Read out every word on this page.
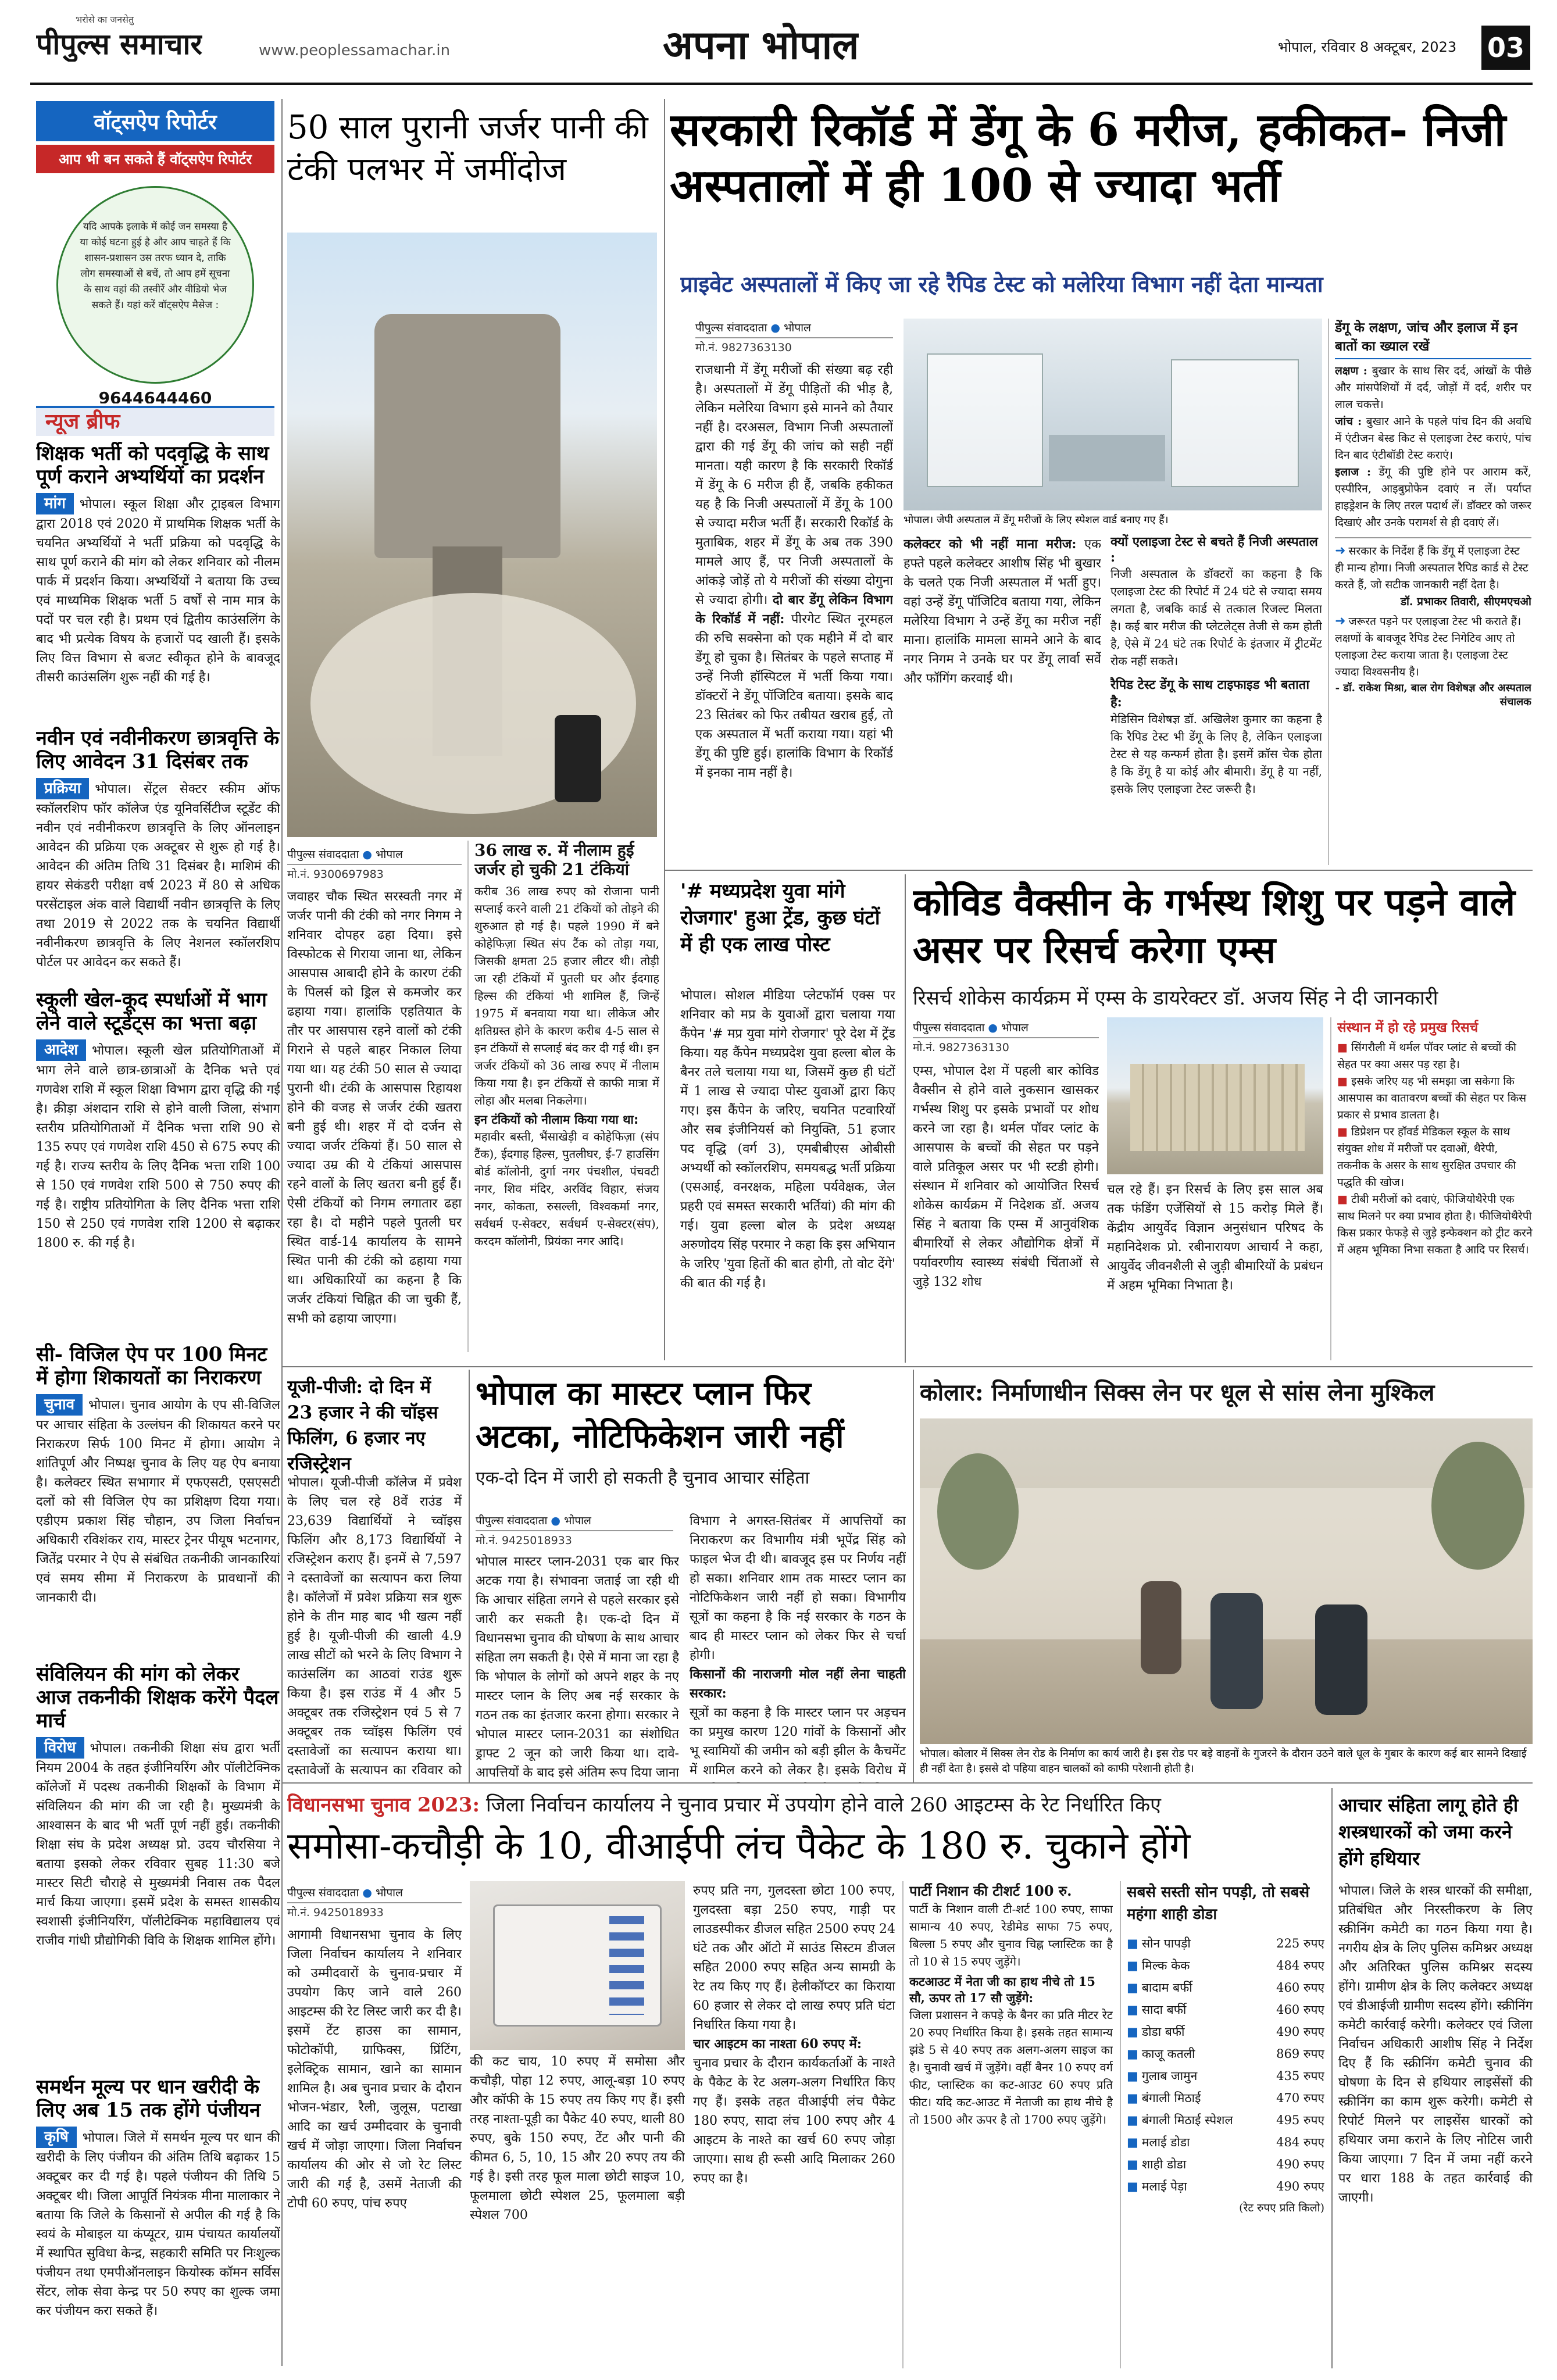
भरोसे का जनसेतु
पीपुल्स समाचार	www.peoplessamachar.in	अपना भोपाल	भोपाल, रविवार 8 अक्टूबर, 2023 03
वॉट्सऐप रिपोर्टर
आप भी बन सकते हैं वॉट्सऐप रिपोर्टर
यदि आपके इलाके में कोई जन समस्या है या कोई घटना हुई है और आप चाहते हैं कि शासन-प्रशासन उस तरफ ध्यान दे, ताकि लोग समस्याओं से बचें, तो आप हमें सूचना के साथ वहां की तस्वीरें और वीडियो भेज सकते हैं। यहां करें वॉट्सऐप मैसेज :
9644644460
न्यूज ब्रीफ
शिक्षक भर्ती को पदवृद्धि के साथ पूर्ण कराने अभ्यर्थियों का प्रदर्शन
मांग भोपाल। स्कूल शिक्षा और ट्राइबल विभाग द्वारा 2018 एवं 2020 में प्राथमिक शिक्षक भर्ती के चयनित अभ्यर्थियों ने भर्ती प्रक्रिया को पदवृद्धि के साथ पूर्ण कराने की मांग को लेकर शनिवार को नीलम पार्क में प्रदर्शन किया। अभ्यर्थियों ने बताया कि उच्च एवं माध्यमिक शिक्षक भर्ती 5 वर्षों से नाम मात्र के पदों पर चल रही है। प्रथम एवं द्वितीय काउंसलिंग के बाद भी प्रत्येक विषय के हजारों पद खाली हैं। इसके लिए वित्त विभाग से बजट स्वीकृत होने के बावजूद तीसरी काउंसलिंग शुरू नहीं की गई है।
नवीन एवं नवीनीकरण छात्रवृत्ति के लिए आवेदन 31 दिसंबर तक
प्रक्रिया भोपाल। सेंट्रल सेक्टर स्कीम ऑफ स्कॉलरशिप फॉर कॉलेज एंड यूनिवर्सिटीज स्टूडेंट की नवीन एवं नवीनीकरण छात्रवृत्ति के लिए ऑनलाइन आवेदन की प्रक्रिया एक अक्टूबर से शुरू हो गई है। आवेदन की अंतिम तिथि 31 दिसंबर है। माशिमं की हायर सेकंडरी परीक्षा वर्ष 2023 में 80 से अधिक परसेंटाइल अंक वाले विद्यार्थी नवीन छात्रवृत्ति के लिए तथा 2019 से 2022 तक के चयनित विद्यार्थी नवीनीकरण छात्रवृत्ति के लिए नेशनल स्कॉलरशिप पोर्टल पर आवेदन कर सकते हैं।
स्कूली खेल-कूद स्पर्धाओं में भाग लेने वाले स्टूडेंट्स का भत्ता बढ़ा
आदेश भोपाल। स्कूली खेल प्रतियोगिताओं में भाग लेने वाले छात्र-छात्राओं के दैनिक भत्ते एवं गणवेश राशि में स्कूल शिक्षा विभाग द्वारा वृद्धि की गई है। क्रीड़ा अंशदान राशि से होने वाली जिला, संभाग स्तरीय प्रतियोगिताओं में दैनिक भत्ता राशि 90 से 135 रुपए एवं गणवेश राशि 450 से 675 रुपए की गई है। राज्य स्तरीय के लिए दैनिक भत्ता राशि 100 से 150 एवं गणवेश राशि 500 से 750 रुपए की गई है। राष्ट्रीय प्रतियोगिता के लिए दैनिक भत्ता राशि 150 से 250 एवं गणवेश राशि 1200 से बढ़ाकर 1800 रु. की गई है।
सी- विजिल ऐप पर 100 मिनट में होगा शिकायतों का निराकरण
चुनाव भोपाल। चुनाव आयोग के एप सी-विजिल पर आचार संहिता के उल्लंघन की शिकायत करने पर निराकरण सिर्फ 100 मिनट में होगा। आयोग ने शांतिपूर्ण और निष्पक्ष चुनाव के लिए यह ऐप बनाया है। कलेक्टर स्थित सभागार में एफएसटी, एसएसटी दलों को सी विजिल ऐप का प्रशिक्षण दिया गया। एडीएम प्रकाश सिंह चौहान, उप जिला निर्वाचन अधिकारी रविशंकर राय, मास्टर ट्रेनर पीयूष भटनागर, जितेंद्र परमार ने ऐप से संबंधित तकनीकी जानकारियां एवं समय सीमा में निराकरण के प्रावधानों की जानकारी दी।
संविलियन की मांग को लेकर आज तकनीकी शिक्षक करेंगे पैदल मार्च
विरोध भोपाल। तकनीकी शिक्षा संघ द्वारा भर्ती नियम 2004 के तहत इंजीनियरिंग और पॉलीटेक्निक कॉलेजों में पदस्थ तकनीकी शिक्षकों के विभाग में संविलियन की मांग की जा रही है। मुख्यमंत्री के आश्वासन के बाद भी भर्ती पूर्ण नहीं हुई। तकनीकी शिक्षा संघ के प्रदेश अध्यक्ष प्रो. उदय चौरसिया ने बताया इसको लेकर रविवार सुबह 11:30 बजे मास्टर सिटी चौराहे से मुख्यमंत्री निवास तक पैदल मार्च किया जाएगा। इसमें प्रदेश के समस्त शासकीय स्वशासी इंजीनियरिंग, पॉलीटेक्निक महाविद्यालय एवं राजीव गांधी प्रौद्योगिकी विवि के शिक्षक शामिल होंगे।
समर्थन मूल्य पर धान खरीदी के लिए अब 15 तक होंगे पंजीयन
कृषि भोपाल। जिले में समर्थन मूल्य पर धान की खरीदी के लिए पंजीयन की अंतिम तिथि बढ़ाकर 15 अक्टूबर कर दी गई है। पहले पंजीयन की तिथि 5 अक्टूबर थी। जिला आपूर्ति नियंत्रक मीना मालाकार ने बताया कि जिले के किसानों से अपील की गई है कि स्वयं के मोबाइल या कंप्यूटर, ग्राम पंचायत कार्यालयों में स्थापित सुविधा केन्द्र, सहकारी समिति पर निःशुल्क पंजीयन तथा एमपीऑनलाइन कियोस्क कॉमन सर्विस सेंटर, लोक सेवा केन्द्र पर 50 रुपए का शुल्क जमा कर पंजीयन करा सकते हैं।
50 साल पुरानी जर्जर पानी की टंकी पलभर में जमींदोज
पीपुल्स संवाददाता ● भोपाल
मो.नं. 9300697983
जवाहर चौक स्थित सरस्वती नगर में जर्जर पानी की टंकी को नगर निगम ने शनिवार दोपहर ढहा दिया। इसे विस्फोटक से गिराया जाना था, लेकिन आसपास आबादी होने के कारण टंकी के पिलर्स को ड्रिल से कमजोर कर ढहाया गया। हालांकि एहतियात के तौर पर आसपास रहने वालों को टंकी गिराने से पहले बाहर निकाल लिया गया था। यह टंकी 50 साल से ज्यादा पुरानी थी। टंकी के आसपास रिहायश होने की वजह से जर्जर टंकी खतरा बनी हुई थी। शहर में दो दर्जन से ज्यादा जर्जर टंकियां हैं। 50 साल से ज्यादा उम्र की ये टंकियां आसपास रहने वालों के लिए खतरा बनी हुई हैं। ऐसी टंकियों को निगम लगातार ढहा रहा है। दो महीने पहले पुतली घर स्थित वार्ड-14 कार्यालय के सामने स्थित पानी की टंकी को ढहाया गया था। अधिकारियों का कहना है कि जर्जर टंकियां चिह्नित की जा चुकी हैं, सभी को ढहाया जाएगा।
36 लाख रु. में नीलाम हुई जर्जर हो चुकी 21 टंकियां
करीब 36 लाख रुपए को रोजाना पानी सप्लाई करने वाली 21 टंकियों को तोड़ने की शुरुआत हो गई है। पहले 1990 में बने कोहेफिज़ा स्थित संप टैंक को तोड़ा गया, जिसकी क्षमता 25 हजार लीटर थी। तोड़ी जा रही टंकियों में पुतली घर और ईदगाह हिल्स की टंकियां भी शामिल हैं, जिन्हें 1975 में बनवाया गया था। लीकेज और क्षतिग्रस्त होने के कारण करीब 4-5 साल से इन टंकियों से सप्लाई बंद कर दी गई थी। इन जर्जर टंकियों को 36 लाख रुपए में नीलाम किया गया है। इन टंकियों से काफी मात्रा में लोहा और मलबा निकलेगा।
इन टंकियों को नीलाम किया गया था:
महावीर बस्ती, भैंसाखेड़ी व कोहेफिज़ा (संप टैंक), ईदगाह हिल्स, पुतलीघर, ई-7 हाउसिंग बोर्ड कॉलोनी, दुर्गा नगर पंचशील, पंचवटी नगर, शिव मंदिर, अरविंद विहार, संजय नगर, कोकता, रुसल्ली, विश्वकर्मा नगर, सर्वधर्म ए-सेक्टर, सर्वधर्म ए-सेक्टर(संप), करदम कॉलोनी, प्रियंका नगर आदि।
सरकारी रिकॉर्ड में डेंगू के 6 मरीज, हकीकत- निजी अस्पतालों में ही 100 से ज्यादा भर्ती
प्राइवेट अस्पतालों में किए जा रहे रैपिड टेस्ट को मलेरिया विभाग नहीं देता मान्यता
पीपुल्स संवाददाता ● भोपाल
मो.नं. 9827363130
राजधानी में डेंगू मरीजों की संख्या बढ़ रही है। अस्पतालों में डेंगू पीड़ितों की भीड़ है, लेकिन मलेरिया विभाग इसे मानने को तैयार नहीं है। दरअसल, विभाग निजी अस्पतालों द्वारा की गई डेंगू की जांच को सही नहीं मानता। यही कारण है कि सरकारी रिकॉर्ड में डेंगू के 6 मरीज ही हैं, जबकि हकीकत यह है कि निजी अस्पतालों में डेंगू के 100 से ज्यादा मरीज भर्ती हैं। सरकारी रिकॉर्ड के मुताबिक, शहर में डेंगू के अब तक 390 मामले आए हैं, पर निजी अस्पतालों के आंकड़े जोड़ें तो ये मरीजों की संख्या दोगुना से ज्यादा होगी। दो बार डेंगू लेकिन विभाग के रिकॉर्ड में नहीं: पीरगेट स्थित नूरमहल की रुचि सक्सेना को एक महीने में दो बार डेंगू हो चुका है। सितंबर के पहले सप्ताह में उन्हें निजी हॉस्पिटल में भर्ती किया गया। डॉक्टरों ने डेंगू पॉजिटिव बताया। इसके बाद 23 सितंबर को फिर तबीयत खराब हुई, तो एक अस्पताल में भर्ती कराया गया। यहां भी डेंगू की पुष्टि हुई। हालांकि विभाग के रिकॉर्ड में इनका नाम नहीं है।
भोपाल। जेपी अस्पताल में डेंगू मरीजों के लिए स्पेशल वार्ड बनाए गए हैं।
कलेक्टर को भी नहीं माना मरीज: एक हफ्ते पहले कलेक्टर आशीष सिंह भी बुखार के चलते एक निजी अस्पताल में भर्ती हुए। वहां उन्हें डेंगू पॉजिटिव बताया गया, लेकिन मलेरिया विभाग ने उन्हें डेंगू का मरीज नहीं माना। हालांकि मामला सामने आने के बाद नगर निगम ने उनके घर पर डेंगू लार्वा सर्वे और फॉगिंग करवाई थी।
क्यों एलाइजा टेस्ट से बचते हैं निजी अस्पताल :
निजी अस्पताल के डॉक्टरों का कहना है कि एलाइजा टेस्ट की रिपोर्ट में 24 घंटे से ज्यादा समय लगता है, जबकि कार्ड से तत्काल रिजल्ट मिलता है। कई बार मरीज की प्लेटलेट्स तेजी से कम होती है, ऐसे में 24 घंटे तक रिपोर्ट के इंतजार में ट्रीटमेंट रोक नहीं सकते।
रैपिड टेस्ट डेंगू के साथ टाइफाइड भी बताता है:
मेडिसिन विशेषज्ञ डॉ. अखिलेश कुमार का कहना है कि रैपिड टेस्ट भी डेंगू के लिए है, लेकिन एलाइजा टेस्ट से यह कन्फर्म होता है। इसमें क्रॉस चेक होता है कि डेंगू है या कोई और बीमारी। डेंगू है या नहीं, इसके लिए एलाइजा टेस्ट जरूरी है।
डेंगू के लक्षण, जांच और इलाज में इन बातों का ख्याल रखें
लक्षण : बुखार के साथ सिर दर्द, आंखों के पीछे और मांसपेशियों में दर्द, जोड़ों में दर्द, शरीर पर लाल चकत्ते।
जांच : बुखार आने के पहले पांच दिन की अवधि में एंटीजन बेस्ड किट से एलाइजा टेस्ट कराएं, पांच दिन बाद एंटीबॉडी टेस्ट कराएं।
इलाज : डेंगू की पुष्टि होने पर आराम करें, एस्पीरिन, आइबुप्रोफेन दवाएं न लें। पर्याप्त हाइड्रेशन के लिए तरल पदार्थ लें। डॉक्टर को जरूर दिखाएं और उनके परामर्श से ही दवाएं लें।
➜ सरकार के निर्देश हैं कि डेंगू में एलाइजा टेस्ट ही मान्य होगा। निजी अस्पताल रैपिड कार्ड से टेस्ट करते हैं, जो सटीक जानकारी नहीं देता है।
डॉ. प्रभाकर तिवारी, सीएमएचओ
➜ जरूरत पड़ने पर एलाइजा टेस्ट भी कराते हैं। लक्षणों के बावजूद रैपिड टेस्ट निगेटिव आए तो एलाइजा टेस्ट कराया जाता है। एलाइजा टेस्ट ज्यादा विश्वसनीय है।
- डॉ. राकेश मिश्रा, बाल रोग विशेषज्ञ और अस्पताल संचालक
'# मध्यप्रदेश युवा मांगे रोजगार' हुआ ट्रेंड, कुछ घंटों में ही एक लाख पोस्ट
भोपाल। सोशल मीडिया प्लेटफॉर्म एक्स पर शनिवार को मप्र के युवाओं द्वारा चलाया गया कैंपेन '# मप्र युवा मांगे रोजगार' पूरे देश में ट्रेंड किया। यह कैंपेन मध्यप्रदेश युवा हल्ला बोल के बैनर तले चलाया गया था, जिसमें कुछ ही घंटों में 1 लाख से ज्यादा पोस्ट युवाओं द्वारा किए गए। इस कैंपेन के जरिए, चयनित पटवारियों और सब इंजीनियर्स को नियुक्ति, 51 हजार पद वृद्धि (वर्ग 3), एमबीबीएस ओबीसी अभ्यर्थी को स्कॉलरशिप, समयबद्ध भर्ती प्रक्रिया (एसआई, वनरक्षक, महिला पर्यवेक्षक, जेल प्रहरी एवं समस्त सरकारी भर्तियां) की मांग की गई। युवा हल्ला बोल के प्रदेश अध्यक्ष अरुणोदय सिंह परमार ने कहा कि इस अभियान के जरिए 'युवा हितों की बात होगी, तो वोट देंगे' की बात की गई है।
कोविड वैक्सीन के गर्भस्थ शिशु पर पड़ने वाले असर पर रिसर्च करेगा एम्स
रिसर्च शोकेस कार्यक्रम में एम्स के डायरेक्टर डॉ. अजय सिंह ने दी जानकारी
पीपुल्स संवाददाता ● भोपाल
मो.नं. 9827363130
एम्स, भोपाल देश में पहली बार कोविड वैक्सीन से होने वाले नुकसान खासकर गर्भस्थ शिशु पर इसके प्रभावों पर शोध करने जा रहा है। थर्मल पॉवर प्लांट के आसपास के बच्चों की सेहत पर पड़ने वाले प्रतिकूल असर पर भी स्टडी होगी। संस्थान में शनिवार को आयोजित रिसर्च शोकेस कार्यक्रम में निदेशक डॉ. अजय सिंह ने बताया कि एम्स में आनुवंशिक बीमारियों से लेकर औद्योगिक क्षेत्रों में पर्यावरणीय स्वास्थ्य संबंधी चिंताओं से जुड़े 132 शोध
चल रहे हैं। इन रिसर्च के लिए इस साल अब तक फंडिंग एजेंसियों से 15 करोड़ मिले हैं। केंद्रीय आयुर्वेद विज्ञान अनुसंधान परिषद के महानिदेशक प्रो. रबीनारायण आचार्य ने कहा, आयुर्वेद जीवनशैली से जुड़ी बीमारियों के प्रबंधन में अहम भूमिका निभाता है।
संस्थान में हो रहे प्रमुख रिसर्च
■ सिंगरौली में थर्मल पॉवर प्लांट से बच्चों की सेहत पर क्या असर पड़ रहा है।
■ इसके जरिए यह भी समझा जा सकेगा कि आसपास का वातावरण बच्चों की सेहत पर किस प्रकार से प्रभाव डालता है।
■ डिप्रेशन पर हॉवर्ड मेडिकल स्कूल के साथ संयुक्त शोध में मरीजों पर दवाओं, थैरेपी, तकनीक के असर के साथ सुरक्षित उपचार की पद्धति की खोज।
■ टीबी मरीजों को दवाएं, फीजियोथैरेपी एक साथ मिलने पर क्या प्रभाव होता है। फीजियोथैरेपी किस प्रकार फेफड़े से जुड़े इन्फेक्शन को ट्रीट करने में अहम भूमिका निभा सकता है आदि पर रिसर्च।
यूजी-पीजी: दो दिन में 23 हजार ने की चॉइस फिलिंग, 6 हजार नए रजिस्ट्रेशन
भोपाल। यूजी-पीजी कॉलेज में प्रवेश के लिए चल रहे 8वें राउंड में 23,639 विद्यार्थियों ने च्वॉइस फिलिंग और 8,173 विद्यार्थियों ने रजिस्ट्रेशन कराए हैं। इनमें से 7,597 ने दस्तावेजों का सत्यापन करा लिया है। कॉलेजों में प्रवेश प्रक्रिया सत्र शुरू होने के तीन माह बाद भी खत्म नहीं हुई है। यूजी-पीजी की खाली 4.9 लाख सीटों को भरने के लिए विभाग ने काउंसलिंग का आठवां राउंड शुरू किया है। इस राउंड में 4 और 5 अक्टूबर तक रजिस्ट्रेशन एवं 5 से 7 अक्टूबर तक च्वॉइस फिलिंग एवं दस्तावेजों का सत्यापन कराया था। दस्तावेजों के सत्यापन का रविवार को
भोपाल का मास्टर प्लान फिर अटका, नोटिफिकेशन जारी नहीं
एक-दो दिन में जारी हो सकती है चुनाव आचार संहिता
पीपुल्स संवाददाता ● भोपाल
मो.नं. 9425018933
भोपाल मास्टर प्लान-2031 एक बार फिर अटक गया है। संभावना जताई जा रही थी कि आचार संहिता लगने से पहले सरकार इसे जारी कर सकती है। एक-दो दिन में विधानसभा चुनाव की घोषणा के साथ आचार संहिता लग सकती है। ऐसे में माना जा रहा है कि भोपाल के लोगों को अपने शहर के नए मास्टर प्लान के लिए अब नई सरकार के गठन तक का इंतजार करना होगा। सरकार ने भोपाल मास्टर प्लान-2031 का संशोधित ड्राफ्ट 2 जून को जारी किया था। दावे-आपत्तियों के बाद इसे अंतिम रूप दिया जाना
विभाग ने अगस्त-सितंबर में आपत्तियों का निराकरण कर विभागीय मंत्री भूपेंद्र सिंह को फाइल भेज दी थी। बावजूद इस पर निर्णय नहीं हो सका। शनिवार शाम तक मास्टर प्लान का नोटिफिकेशन जारी नहीं हो सका। विभागीय सूत्रों का कहना है कि नई सरकार के गठन के बाद ही मास्टर प्लान को लेकर फिर से चर्चा होगी।
किसानों की नाराजगी मोल नहीं लेना चाहती सरकार:
सूत्रों का कहना है कि मास्टर प्लान पर अड़चन का प्रमुख कारण 120 गांवों के किसानों और भू स्वामियों की जमीन को बड़ी झील के कैचमेंट में शामिल करने को लेकर है। इसके विरोध में
कोलार: निर्माणाधीन सिक्स लेन पर धूल से सांस लेना मुश्किल
भोपाल। कोलार में सिक्स लेन रोड के निर्माण का कार्य जारी है। इस रोड पर बड़े वाहनों के गुजरने के दौरान उठने वाले धूल के गुबार के कारण कई बार सामने दिखाई ही नहीं देता है। इससे दो पहिया वाहन चालकों को काफी परेशानी होती है।
विधानसभा चुनाव 2023: जिला निर्वाचन कार्यालय ने चुनाव प्रचार में उपयोग होने वाले 260 आइटम्स के रेट निर्धारित किए
समोसा-कचौड़ी के 10, वीआईपी लंच पैकेट के 180 रु. चुकाने होंगे
पीपुल्स संवाददाता ● भोपाल
मो.नं. 9425018933
आगामी विधानसभा चुनाव के लिए जिला निर्वाचन कार्यालय ने शनिवार को उम्मीदवारों के चुनाव-प्रचार में उपयोग किए जाने वाले 260 आइटम्स की रेट लिस्ट जारी कर दी है। इसमें टेंट हाउस का सामान, फोटोकॉपी, ग्राफिक्स, प्रिंटिंग, इलेक्ट्रिक सामान, खाने का सामान शामिल है। अब चुनाव प्रचार के दौरान भोजन-भंडार, रैली, जुलूस, पटाखा आदि का खर्च उम्मीदवार के चुनावी खर्च में जोड़ा जाएगा। जिला निर्वाचन कार्यालय की ओर से जो रेट लिस्ट जारी की गई है, उसमें नेताजी की टोपी 60 रुपए, पांच रुपए
की कट चाय, 10 रुपए में समोसा और कचौड़ी, पोहा 12 रुपए, आलू-बड़ा 10 रुपए और कॉफी के 15 रुपए तय किए गए हैं। इसी तरह नाश्ता-पूड़ी का पैकेट 40 रुपए, थाली 80 रुपए, बुके 150 रुपए, टेंट और पानी की कीमत 6, 5, 10, 15 और 20 रुपए तय की गई है। इसी तरह फूल माला छोटी साइज 10, फूलमाला छोटी स्पेशल 25, फूलमाला बड़ी स्पेशल 700
रुपए प्रति नग, गुलदस्ता छोटा 100 रुपए, गुलदस्ता बड़ा 250 रुपए, गाड़ी पर लाउडस्पीकर डीजल सहित 2500 रुपए 24 घंटे तक और ऑटो में साउंड सिस्टम डीजल सहित 2000 रुपए सहित अन्य सामग्री के रेट तय किए गए हैं। हेलीकॉप्टर का किराया 60 हजार से लेकर दो लाख रुपए प्रति घंटा निर्धारित किया गया है।
चार आइटम का नाश्ता 60 रुपए में:
चुनाव प्रचार के दौरान कार्यकर्ताओं के नाश्ते के पैकेट के रेट अलग-अलग निर्धारित किए गए हैं। इसके तहत वीआईपी लंच पैकेट 180 रुपए, सादा लंच 100 रुपए और 4 आइटम के नाश्ते का खर्च 60 रुपए जोड़ा जाएगा। साथ ही रूसी आदि मिलाकर 260 रुपए का है।
पार्टी निशान की टीशर्ट 100 रु.
पार्टी के निशान वाली टी-शर्ट 100 रुपए, साफा सामान्य 40 रुपए, रेडीमेड साफा 75 रुपए, बिल्ला 5 रुपए और चुनाव चिह्न प्लास्टिक का है तो 10 से 15 रुपए जुड़ेंगे।
कटआउट में नेता जी का हाथ नीचे तो 15 सौ, ऊपर तो 17 सौ जुड़ेंगे:
जिला प्रशासन ने कपड़े के बैनर का प्रति मीटर रेट 20 रुपए निर्धारित किया है। इसके तहत सामान्य झंडे 5 से 40 रुपए तक अलग-अलग साइज का है। चुनावी खर्च में जुड़ेंगे। वहीं बैनर 10 रुपए वर्ग फीट, प्लास्टिक का कट-आउट 60 रुपए प्रति फीट। यदि कट-आउट में नेताजी का हाथ नीचे है तो 1500 और ऊपर है तो 1700 रुपए जुड़ेंगे।
सबसे सस्ती सोन पपड़ी, तो सबसे महंगा शाही डोडा
■ सोन पापड़ी	225 रुपए
■ मिल्क केक	484 रुपए
■ बादाम बर्फी	460 रुपए
■ सादा बर्फी	460 रुपए
■ डोडा बर्फी	490 रुपए
■ काजू कतली	869 रुपए
■ गुलाब जामुन	435 रुपए
■ बंगाली मिठाई	470 रुपए
■ बंगाली मिठाई स्पेशल	495 रुपए
■ मलाई डोडा	484 रुपए
■ शाही डोडा	490 रुपए
■ मलाई पेड़ा	490 रुपए
(रेट रुपए प्रति किलो)
आचार संहिता लागू होते ही शस्त्रधारकों को जमा करने होंगे हथियार
भोपाल। जिले के शस्त्र धारकों की समीक्षा, प्रतिबंधित और निरस्तीकरण के लिए स्क्रीनिंग कमेटी का गठन किया गया है। नगरीय क्षेत्र के लिए पुलिस कमिश्नर अध्यक्ष और अतिरिक्त पुलिस कमिश्नर सदस्य होंगे। ग्रामीण क्षेत्र के लिए कलेक्टर अध्यक्ष एवं डीआईजी ग्रामीण सदस्य होंगे। स्क्रीनिंग कमेटी कार्रवाई करेगी। कलेक्टर एवं जिला निर्वाचन अधिकारी आशीष सिंह ने निर्देश दिए हैं कि स्क्रीनिंग कमेटी चुनाव की घोषणा के दिन से हथियार लाइसेंसों की स्क्रीनिंग का काम शुरू करेगी। कमेटी से रिपोर्ट मिलने पर लाइसेंस धारकों को हथियार जमा कराने के लिए नोटिस जारी किया जाएगा। 7 दिन में जमा नहीं करने पर धारा 188 के तहत कार्रवाई की जाएगी।
